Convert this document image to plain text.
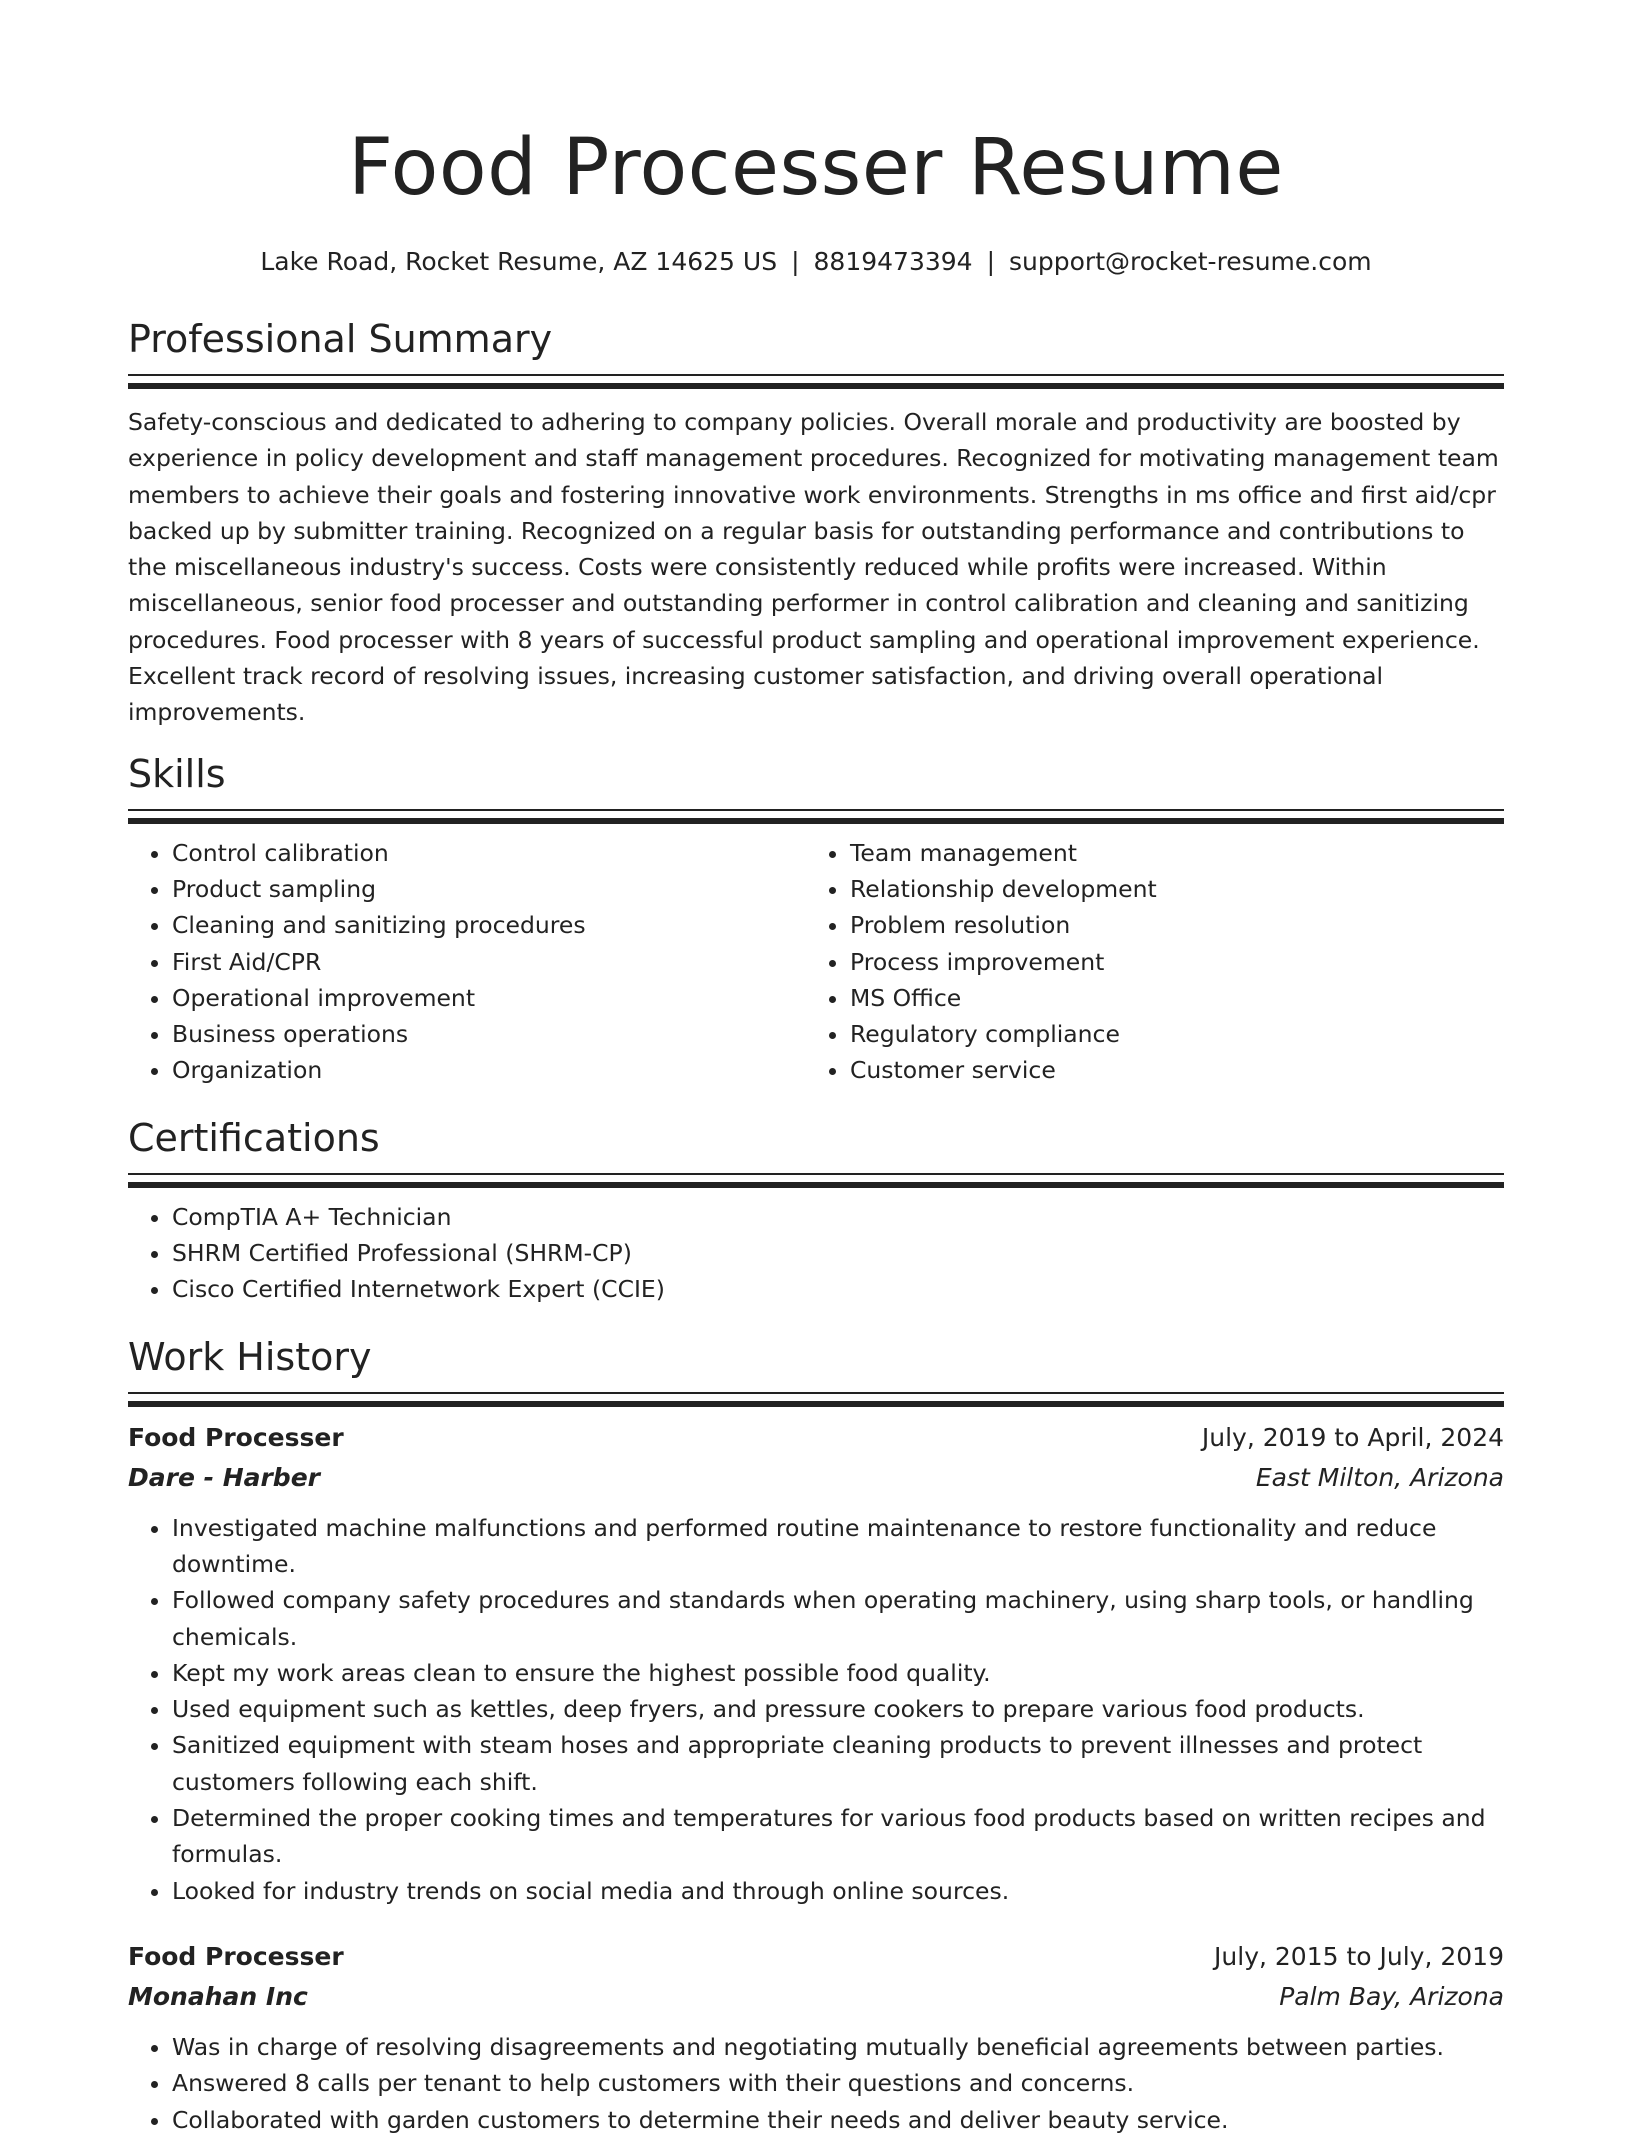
Food Processer Resume
Lake Road, Rocket Resume, AZ 14625 US | 8819473394 | support@rocket-resume.com
Professional Summary

Safety-conscious and dedicated to adhering to company policies. Overall morale and productivity are boosted by experience in policy development and staff management procedures. Recognized for motivating management team members to achieve their goals and fostering innovative work environments. Strengths in ms office and first aid/cpr backed up by submitter training. Recognized on a regular basis for outstanding performance and contributions to the miscellaneous industry's success. Costs were consistently reduced while profits were increased. Within miscellaneous, senior food processer and outstanding performer in control calibration and cleaning and sanitizing procedures. Food processer with 8 years of successful product sampling and operational improvement experience. Excellent track record of resolving issues, increasing customer satisfaction, and driving overall operational improvements.

Skills
• Control calibration
• Product sampling
• Cleaning and sanitizing procedures
• First Aid/CPR
• Operational improvement
• Business operations
• Organization
• Team management
• Relationship development
• Problem resolution
• Process improvement
• MS Office
• Regulatory compliance
• Customer service
Certifications
• CompTIA A+ Technician
• SHRM Certified Professional (SHRM-CP)
• Cisco Certified Internetwork Expert (CCIE)
Work History
Food Processer	July, 2019 to April, 2024
Dare - Harber	East Milton, Arizona
• Investigated machine malfunctions and performed routine maintenance to restore functionality and reduce downtime.
• Followed company safety procedures and standards when operating machinery, using sharp tools, or handling chemicals.
• Kept my work areas clean to ensure the highest possible food quality.
• Used equipment such as kettles, deep fryers, and pressure cookers to prepare various food products.
• Sanitized equipment with steam hoses and appropriate cleaning products to prevent illnesses and protect customers following each shift.
• Determined the proper cooking times and temperatures for various food products based on written recipes and formulas.
• Looked for industry trends on social media and through online sources.
Food Processer	July, 2015 to July, 2019
Monahan Inc	Palm Bay, Arizona
• Was in charge of resolving disagreements and negotiating mutually beneficial agreements between parties.
• Answered 8 calls per tenant to help customers with their questions and concerns.
• Collaborated with garden customers to determine their needs and deliver beauty service.
